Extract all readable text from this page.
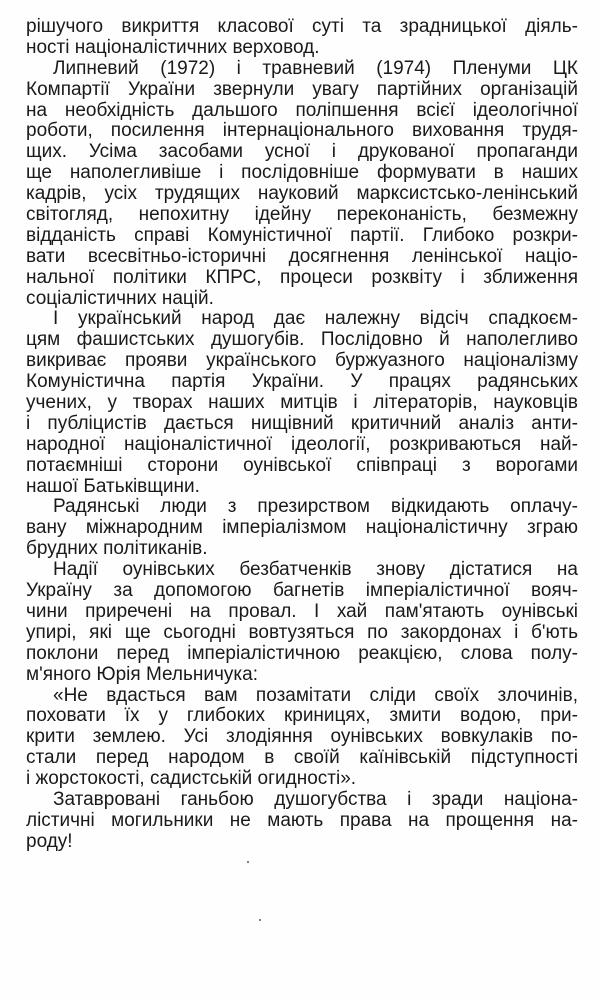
рішучого викриття класової суті та зрадницької діяль-
ності націоналістичних верховод.
Липневий (1972) і травневий (1974) Пленуми ЦК
Компартії України звернули увагу партійних організацій
на необхідність дальшого поліпшення всієї ідеологічної
роботи, посилення інтернаціонального виховання трудя-
щих. Усіма засобами усної і друкованої пропаганди
ще наполегливіше і послідовніше формувати в наших
кадрів, усіх трудящих науковий марксистсько-ленінський
світогляд, непохитну ідейну переконаність, безмежну
відданість справі Комуністичної партії. Глибоко розкри-
вати всесвітньо-історичні досягнення ленінської націо-
нальної політики КПРС, процеси розквіту і зближення
соціалістичних націй.
І український народ дає належну відсіч спадкоєм-
цям фашистських душогубів. Послідовно й наполегливо
викриває прояви українського буржуазного націоналізму
Комуністична партія України. У працях радянських
учених, у творах наших митців і літераторів, науковців
і публіцистів дається нищівний критичний аналіз анти-
народної націоналістичної ідеології, розкриваються най-
потаємніші сторони оунівської співпраці з ворогами
нашої Батьківщини.
Радянські люди з презирством відкидають оплачу-
вану міжнародним імперіалізмом націоналістичну зграю
брудних політиканів.
Надії оунівських безбатченків знову дістатися на
Україну за допомогою багнетів імперіалістичної вояч-
чини приречені на провал. І хай пам'ятають оунівські
упирі, які ще сьогодні вовтузяться по закордонах і б'ють
поклони перед імперіалістичною реакцією, слова полу-
м'яного Юрія Мельничука:
«Не вдасться вам позамітати сліди своїх злочинів,
поховати їх у глибоких криницях, змити водою, при-
крити землею. Усі злодіяння оунівських вовкулаків по-
стали перед народом в своїй каїнівській підступності
і жорстокості, садистській огидності».
Затавровані ганьбою душогубства і зради націона-
лістичні могильники не мають права на прощення на-
роду!
